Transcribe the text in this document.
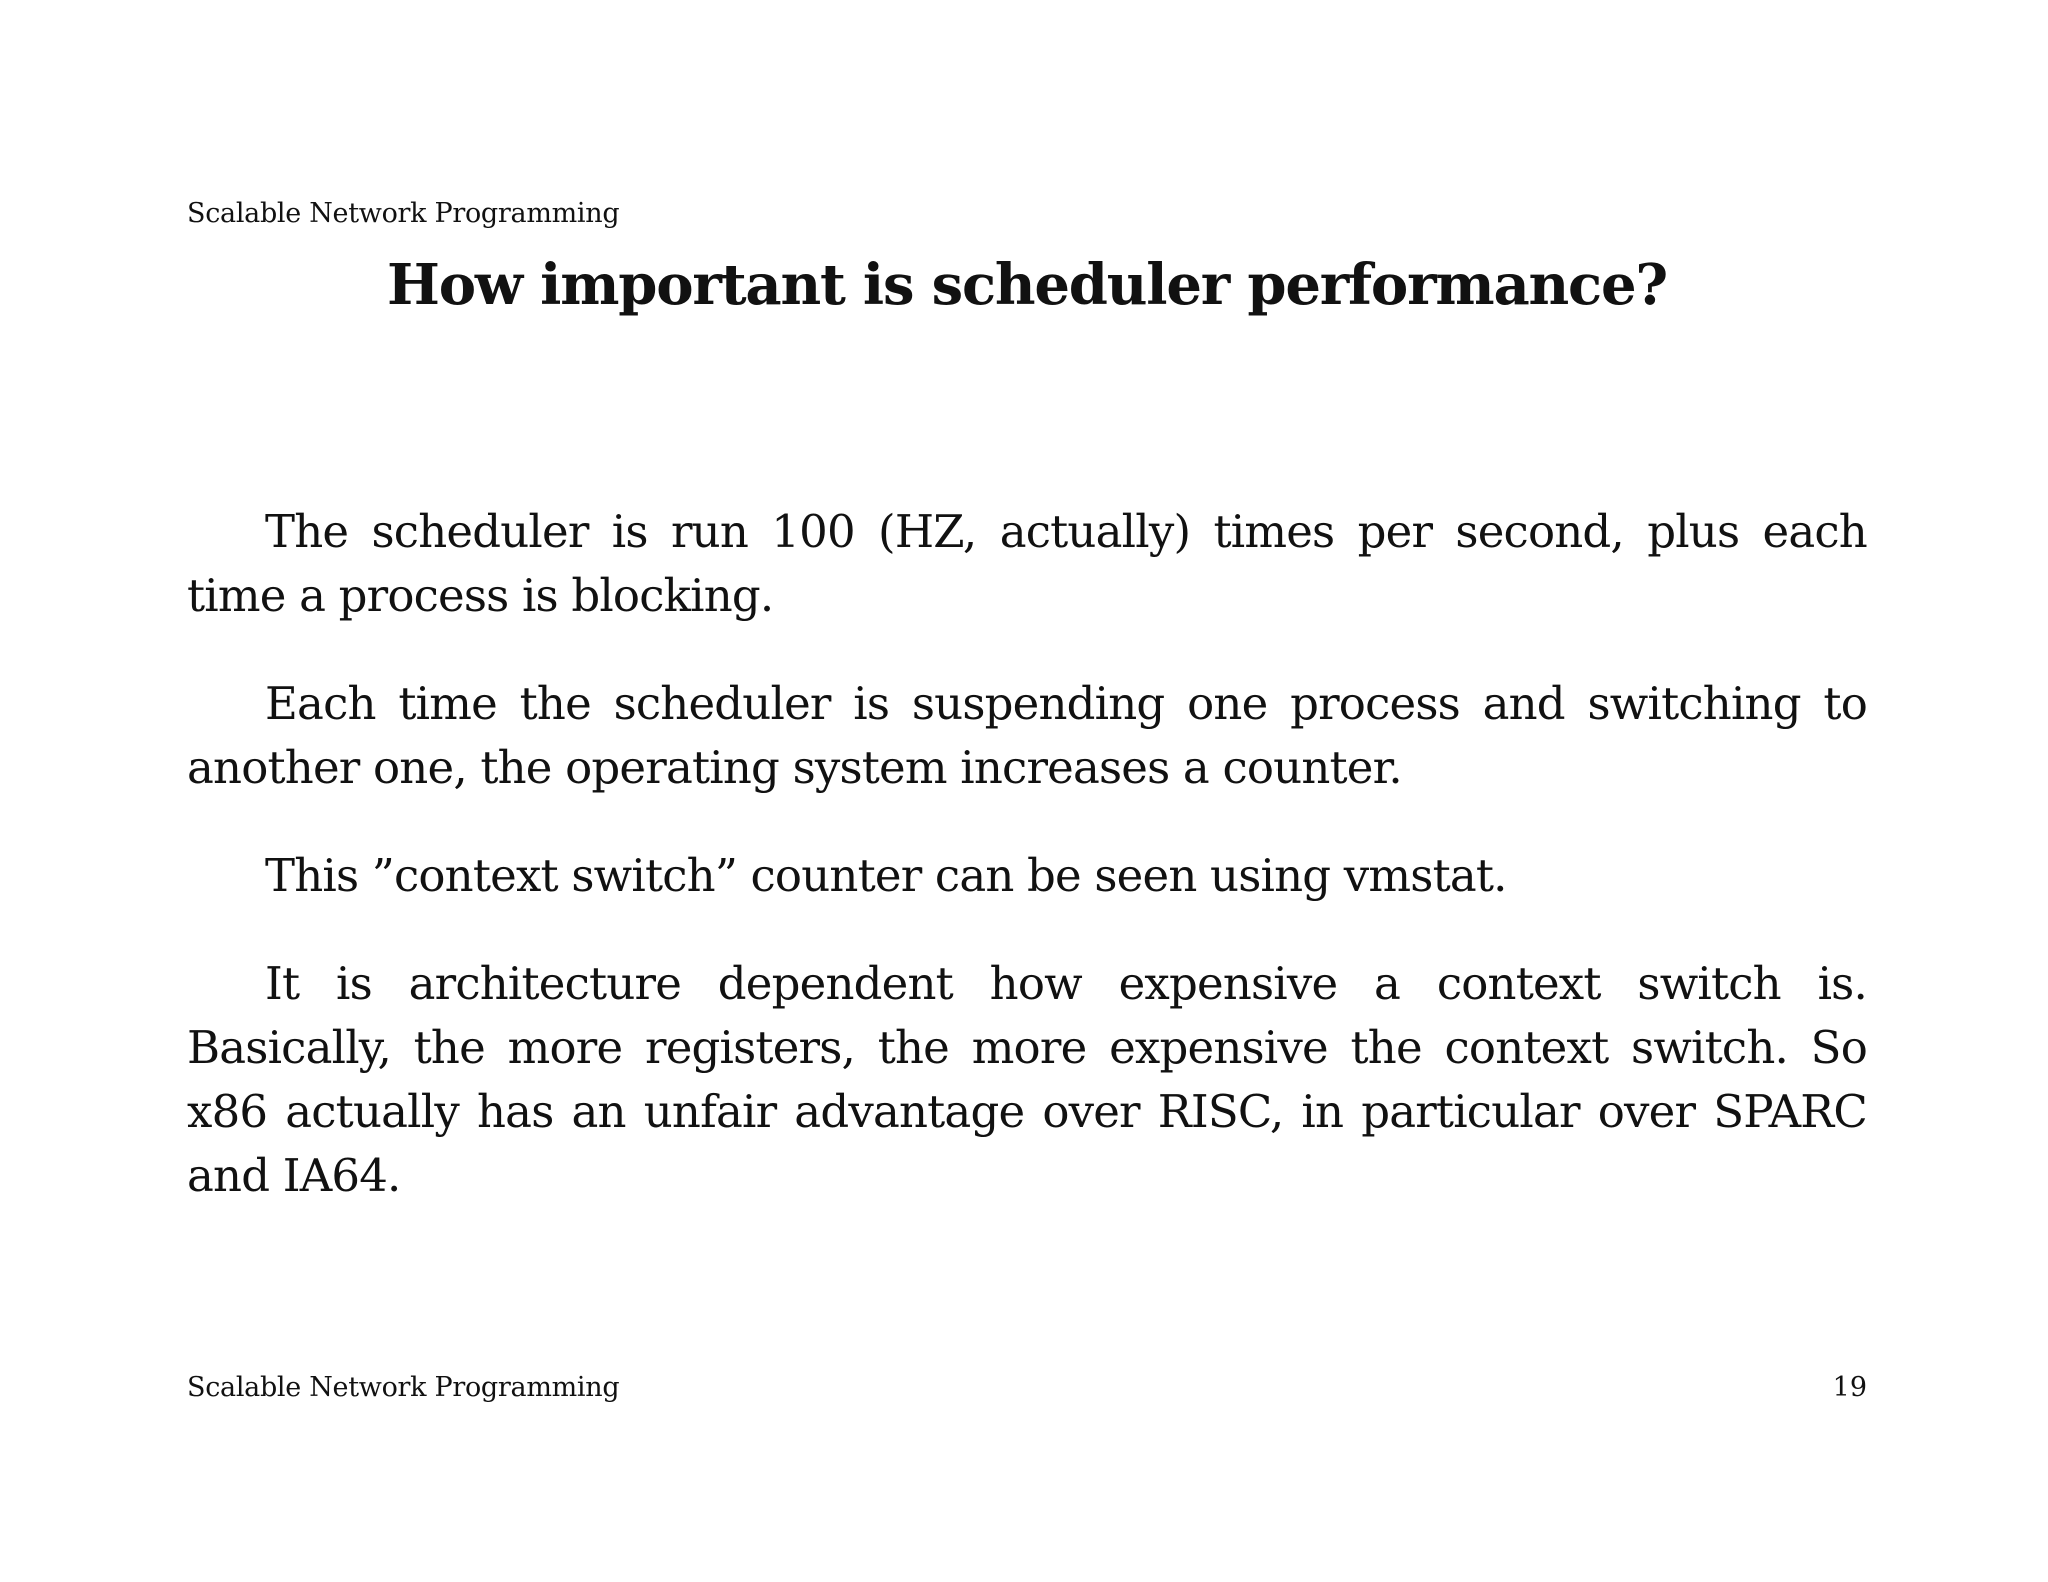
Scalable Network Programming
How important is scheduler performance?

The scheduler is run 100 (HZ, actually) times per second, plus each time a process is blocking.

Each time the scheduler is suspending one process and switching to another one, the operating system increases a counter.

This ”context switch” counter can be seen using vmstat.

It is architecture dependent how expensive a context switch is. Basically, the more registers, the more expensive the context switch. So x86 actually has an unfair advantage over RISC, in particular over SPARC and IA64.

Scalable Network Programming	19
